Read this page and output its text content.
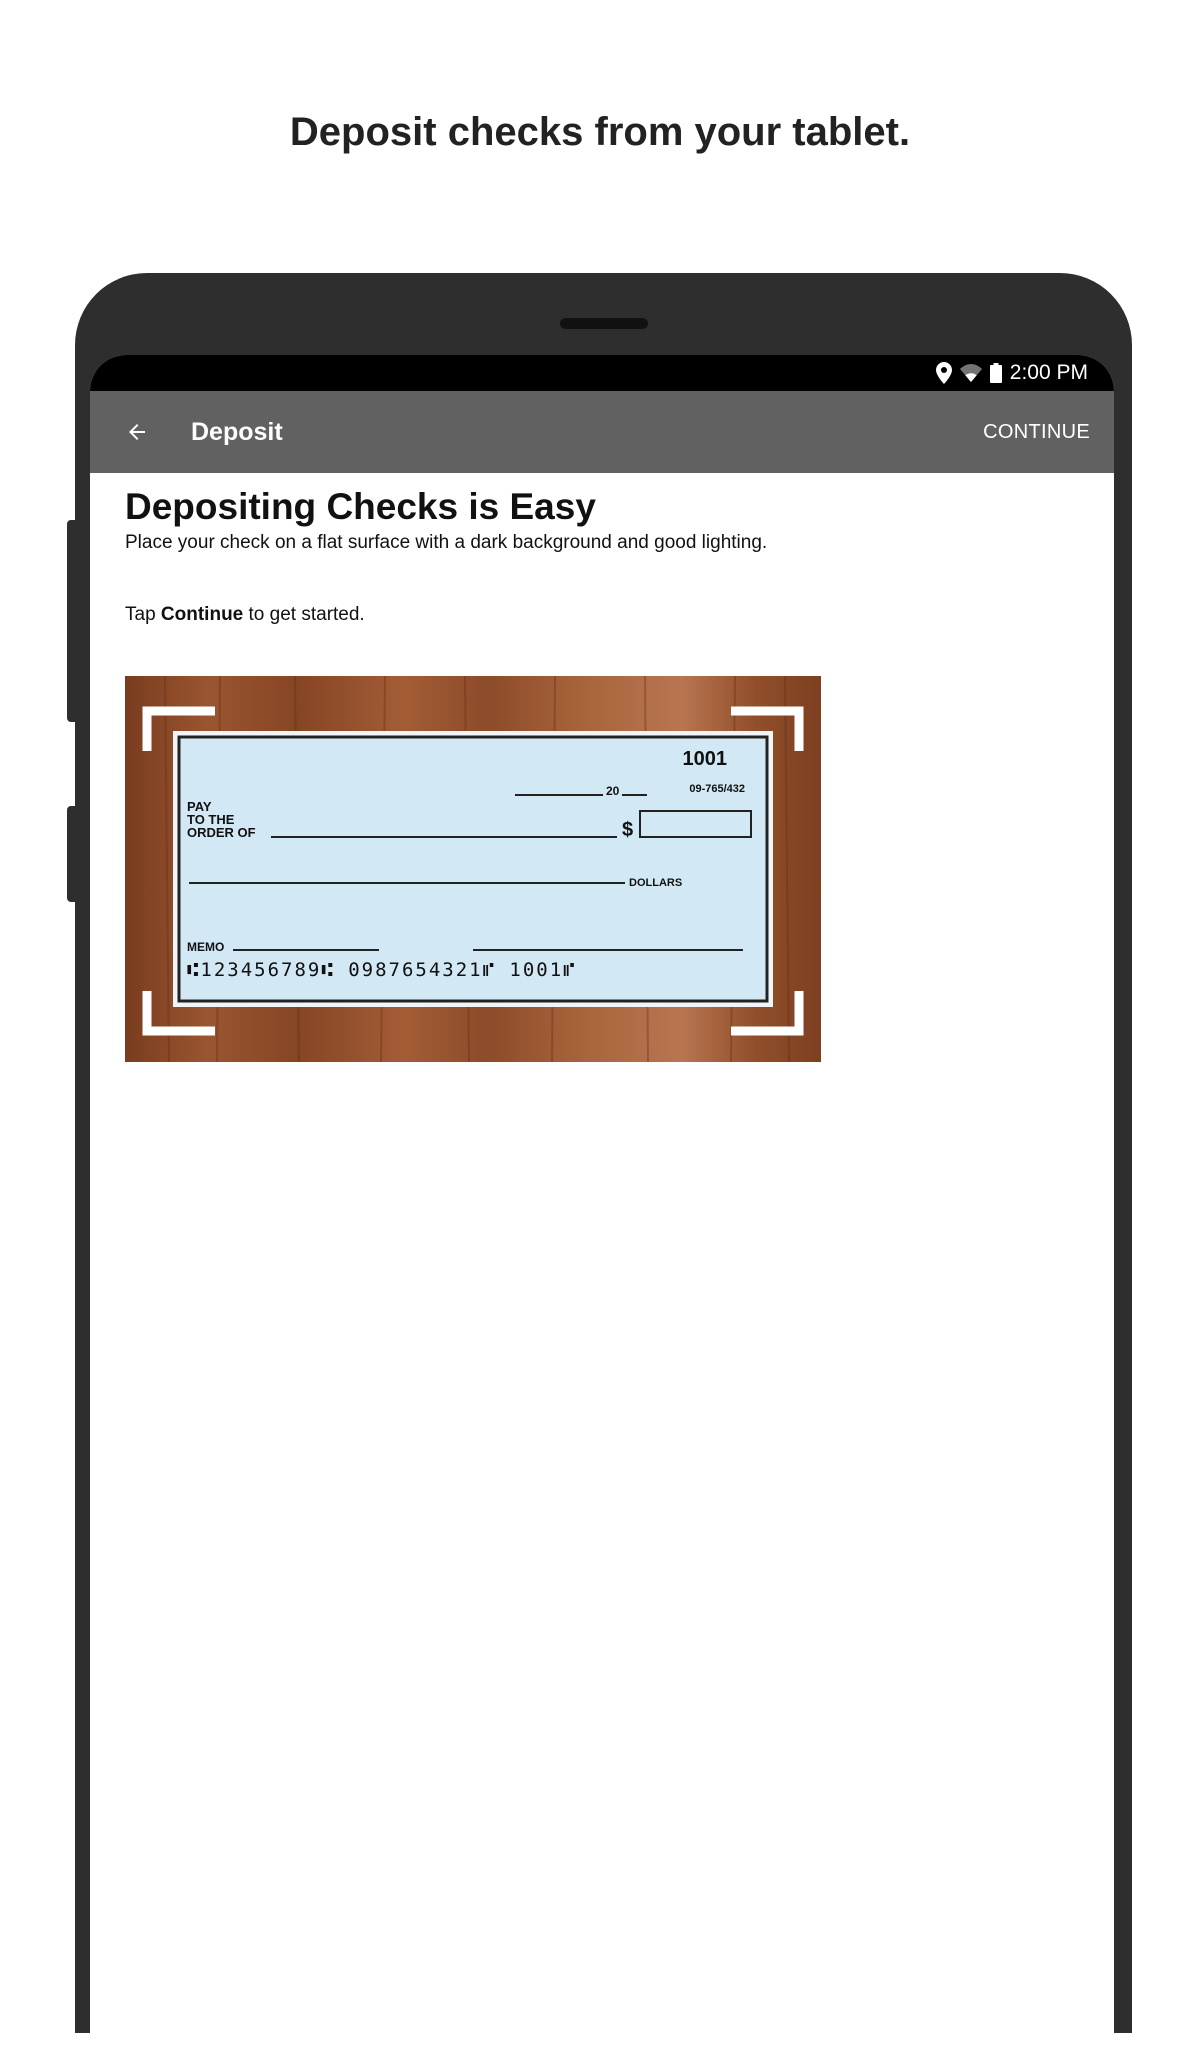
Deposit checks from your tablet.
2:00 PM
Deposit	CONTINUE
Depositing Checks is Easy

Place your check on a flat surface with a dark background and good lighting.

Tap Continue to get started.

1001
09-765/432
20
PAY
TO THE
ORDER OF	$
DOLLARS
MEMO
⑆123456789⑆ 0987654321⑈ 1001⑈
